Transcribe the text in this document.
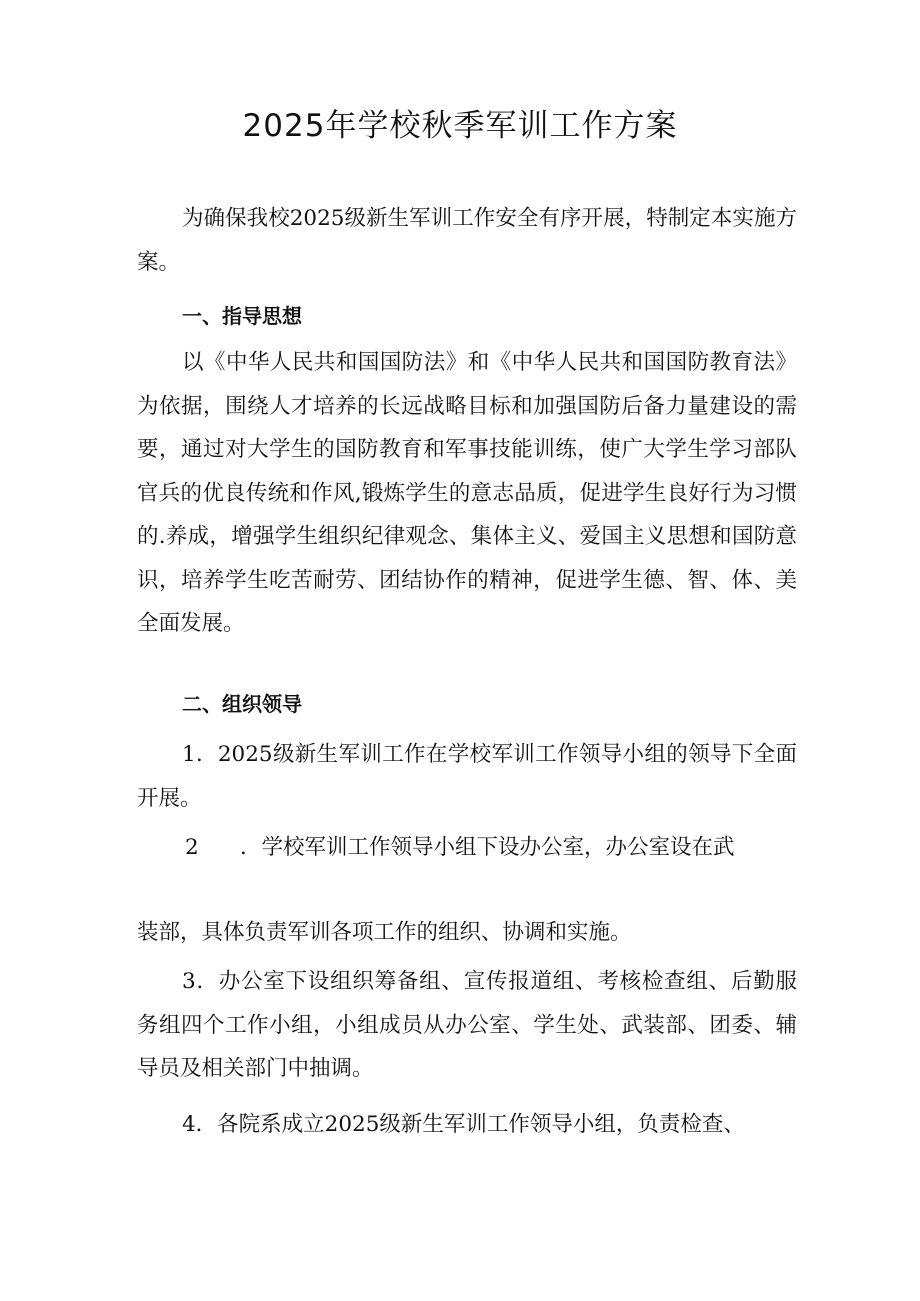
2025年学校秋季军训工作方案

为确保我校2025级新生军训工作安全有序开展，特制定本实施方案。

一、指导思想

以《中华人民共和国国防法》和《中华人民共和国国防教育法》为依据，围绕人才培养的长远战略目标和加强国防后备力量建设的需要，通过对大学生的国防教育和军事技能训练，使广大学生学习部队官兵的优良传统和作风,锻炼学生的意志品质，促进学生良好行为习惯的.养成，增强学生组织纪律观念、集体主义、爱国主义思想和国防意识，培养学生吃苦耐劳、团结协作的精神，促进学生德、智、体、美全面发展。

二、组织领导

1．2025级新生军训工作在学校军训工作领导小组的领导下全面开展。

2 ．学校军训工作领导小组下设办公室，办公室设在武
装部，具体负责军训各项工作的组织、协调和实施。

3．办公室下设组织筹备组、宣传报道组、考核检查组、后勤服务组四个工作小组，小组成员从办公室、学生处、武装部、团委、辅导员及相关部门中抽调。

4．各院系成立2025级新生军训工作领导小组，负责检查、
